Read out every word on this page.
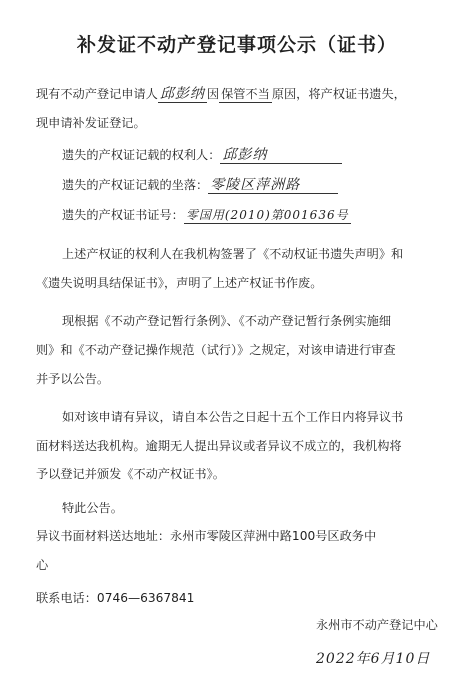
补发证不动产登记事项公示（证书）
现有不动产登记申请人 邱彭纳 因 保管不当 原因，将产权证书遗失，
现申请补发证登记。
遗失的产权证记载的权利人： 邱彭纳
遗失的产权证记载的坐落： 零陵区萍洲路
遗失的产权证书证号： 零国用(2010)第001636号
上述产权证的权利人在我机构签署了《不动权证书遗失声明》和
《遗失说明具结保证书》，声明了上述产权证书作废。
现根据《不动产登记暂行条例》、《不动产登记暂行条例实施细
则》和《不动产登记操作规范（试行）》之规定，对该申请进行审查
并予以公告。
如对该申请有异议，请自本公告之日起十五个工作日内将异议书
面材料送达我机构。逾期无人提出异议或者异议不成立的，我机构将
予以登记并颁发《不动产权证书》。
特此公告。
异议书面材料送达地址：永州市零陵区萍洲中路100号区政务中
心
联系电话：0746—6367841
永州市不动产登记中心
2022年6月10日
